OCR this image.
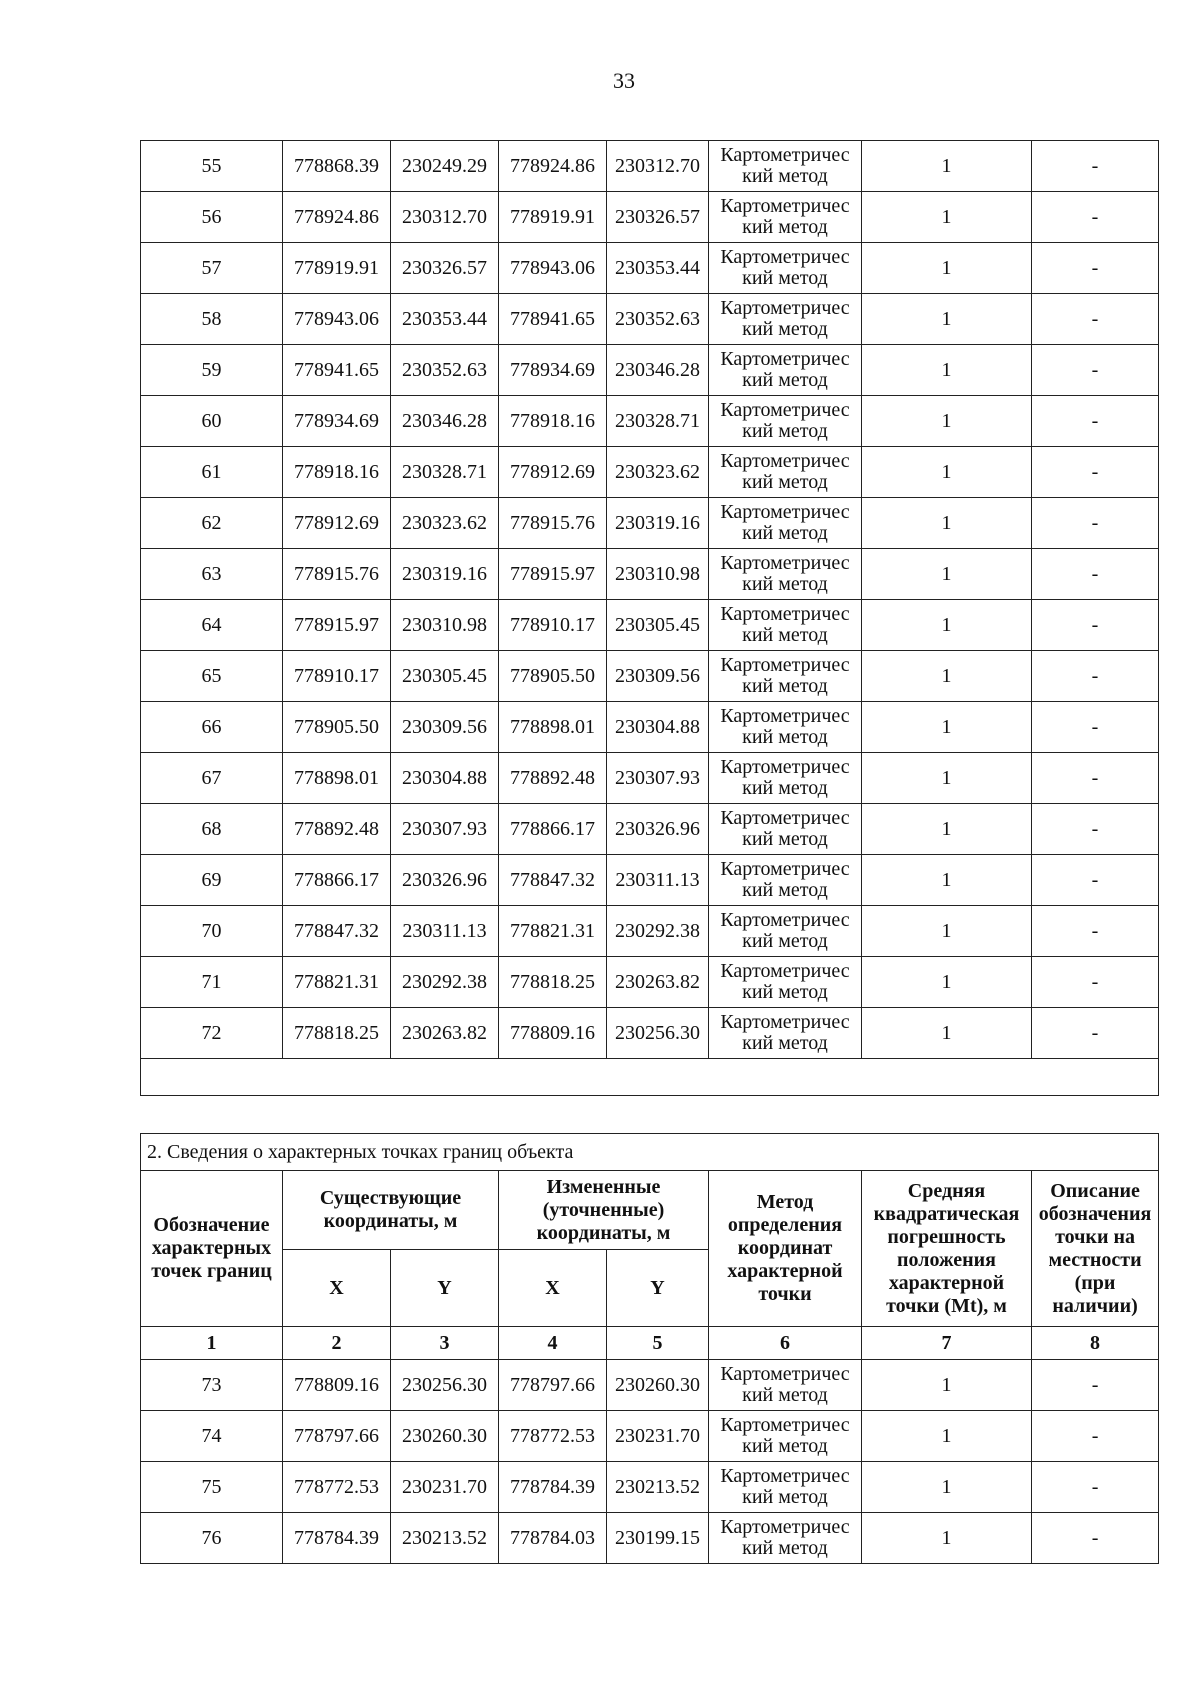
33
55	778868.39	230249.29	778924.86	230312.70	Картометричес кий метод	1	-
56	778924.86	230312.70	778919.91	230326.57	Картометричес кий метод	1	-
57	778919.91	230326.57	778943.06	230353.44	Картометричес кий метод	1	-
58	778943.06	230353.44	778941.65	230352.63	Картометричес кий метод	1	-
59	778941.65	230352.63	778934.69	230346.28	Картометричес кий метод	1	-
60	778934.69	230346.28	778918.16	230328.71	Картометричес кий метод	1	-
61	778918.16	230328.71	778912.69	230323.62	Картометричес кий метод	1	-
62	778912.69	230323.62	778915.76	230319.16	Картометричес кий метод	1	-
63	778915.76	230319.16	778915.97	230310.98	Картометричес кий метод	1	-
64	778915.97	230310.98	778910.17	230305.45	Картометричес кий метод	1	-
65	778910.17	230305.45	778905.50	230309.56	Картометричес кий метод	1	-
66	778905.50	230309.56	778898.01	230304.88	Картометричес кий метод	1	-
67	778898.01	230304.88	778892.48	230307.93	Картометричес кий метод	1	-
68	778892.48	230307.93	778866.17	230326.96	Картометричес кий метод	1	-
69	778866.17	230326.96	778847.32	230311.13	Картометричес кий метод	1	-
70	778847.32	230311.13	778821.31	230292.38	Картометричес кий метод	1	-
71	778821.31	230292.38	778818.25	230263.82	Картометричес кий метод	1	-
72	778818.25	230263.82	778809.16	230256.30	Картометричес кий метод	1	-

2. Сведения о характерных точках границ объекта							
Обозначение характерных точек границ	Существующие координаты, м		Измененные (уточненные) координаты, м		Метод определения координат характерной точки	Средняя квадратическая погрешность положения характерной точки (Mt), м	Описание обозначения точки на местности (при наличии)
	X	Y	X	Y			
1	2	3	4	5	6	7	8
73	778809.16	230256.30	778797.66	230260.30	Картометричес кий метод	1	-
74	778797.66	230260.30	778772.53	230231.70	Картометричес кий метод	1	-
75	778772.53	230231.70	778784.39	230213.52	Картометричес кий метод	1	-
76	778784.39	230213.52	778784.03	230199.15	Картометричес кий метод	1	-
